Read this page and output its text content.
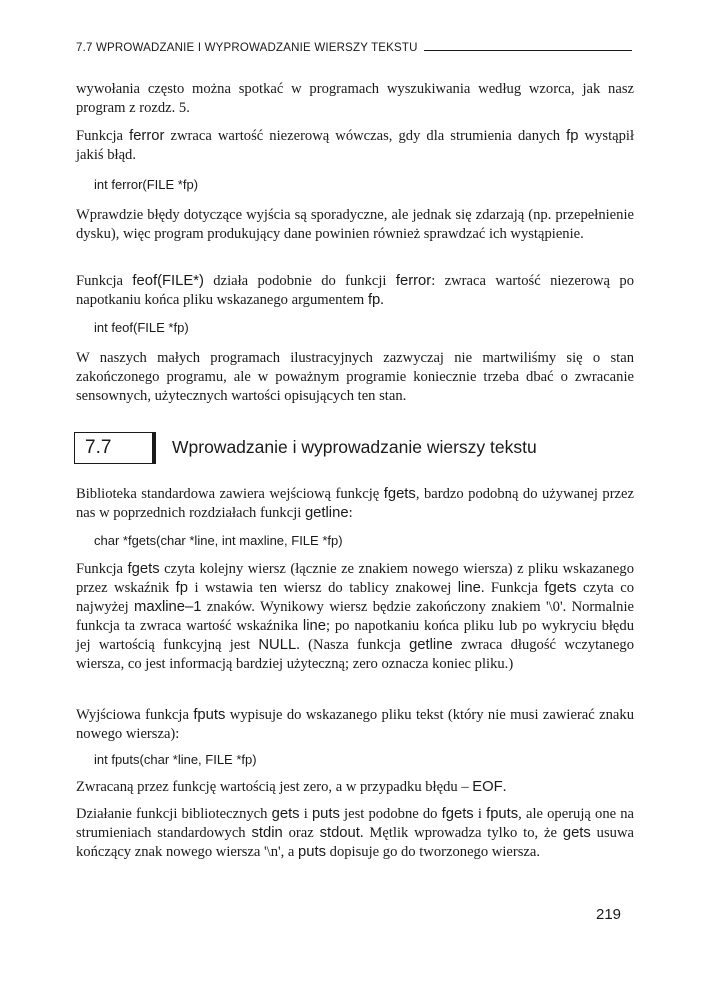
7.7 WPROWADZANIE I WYPROWADZANIE WIERSZY TEKSTU

wywołania często można spotkać w programach wyszukiwania według wzorca, jak nasz program z rozdz. 5.

Funkcja ferror zwraca wartość niezerową wówczas, gdy dla strumienia danych fp wystąpił jakiś błąd.

int ferror(FILE *fp)

Wprawdzie błędy dotyczące wyjścia są sporadyczne, ale jednak się zdarzają (np. przepełnienie dysku), więc program produkujący dane powinien również sprawdzać ich wystąpienie.

Funkcja feof(FILE*) działa podobnie do funkcji ferror: zwraca wartość niezerową po napotkaniu końca pliku wskazanego argumentem fp.

int feof(FILE *fp)

W naszych małych programach ilustracyjnych zazwyczaj nie martwiliśmy się o stan zakończonego programu, ale w poważnym programie koniecznie trzeba dbać o zwracanie sensownych, użytecznych wartości opisujących ten stan.

7.7	Wprowadzanie i wyprowadzanie wierszy tekstu

Biblioteka standardowa zawiera wejściową funkcję fgets, bardzo podobną do używanej przez nas w poprzednich rozdziałach funkcji getline:

char *fgets(char *line, int maxline, FILE *fp)

Funkcja fgets czyta kolejny wiersz (łącznie ze znakiem nowego wiersza) z pliku wskazanego przez wskaźnik fp i wstawia ten wiersz do tablicy znakowej line. Funkcja fgets czyta co najwyżej maxline–1 znaków. Wynikowy wiersz będzie zakończony znakiem '\0'. Normalnie funkcja ta zwraca wartość wskaźnika line; po napotkaniu końca pliku lub po wykryciu błędu jej wartością funkcyjną jest NULL. (Nasza funkcja getline zwraca długość wczytanego wiersza, co jest informacją bardziej użyteczną; zero oznacza koniec pliku.)

Wyjściowa funkcja fputs wypisuje do wskazanego pliku tekst (który nie musi zawierać znaku nowego wiersza):

int fputs(char *line, FILE *fp)

Zwracaną przez funkcję wartością jest zero, a w przypadku błędu – EOF.

Działanie funkcji bibliotecznych gets i puts jest podobne do fgets i fputs, ale operują one na strumieniach standardowych stdin oraz stdout. Mętlik wprowadza tylko to, że gets usuwa kończący znak nowego wiersza '\n', a puts dopisuje go do tworzonego wiersza.

219
